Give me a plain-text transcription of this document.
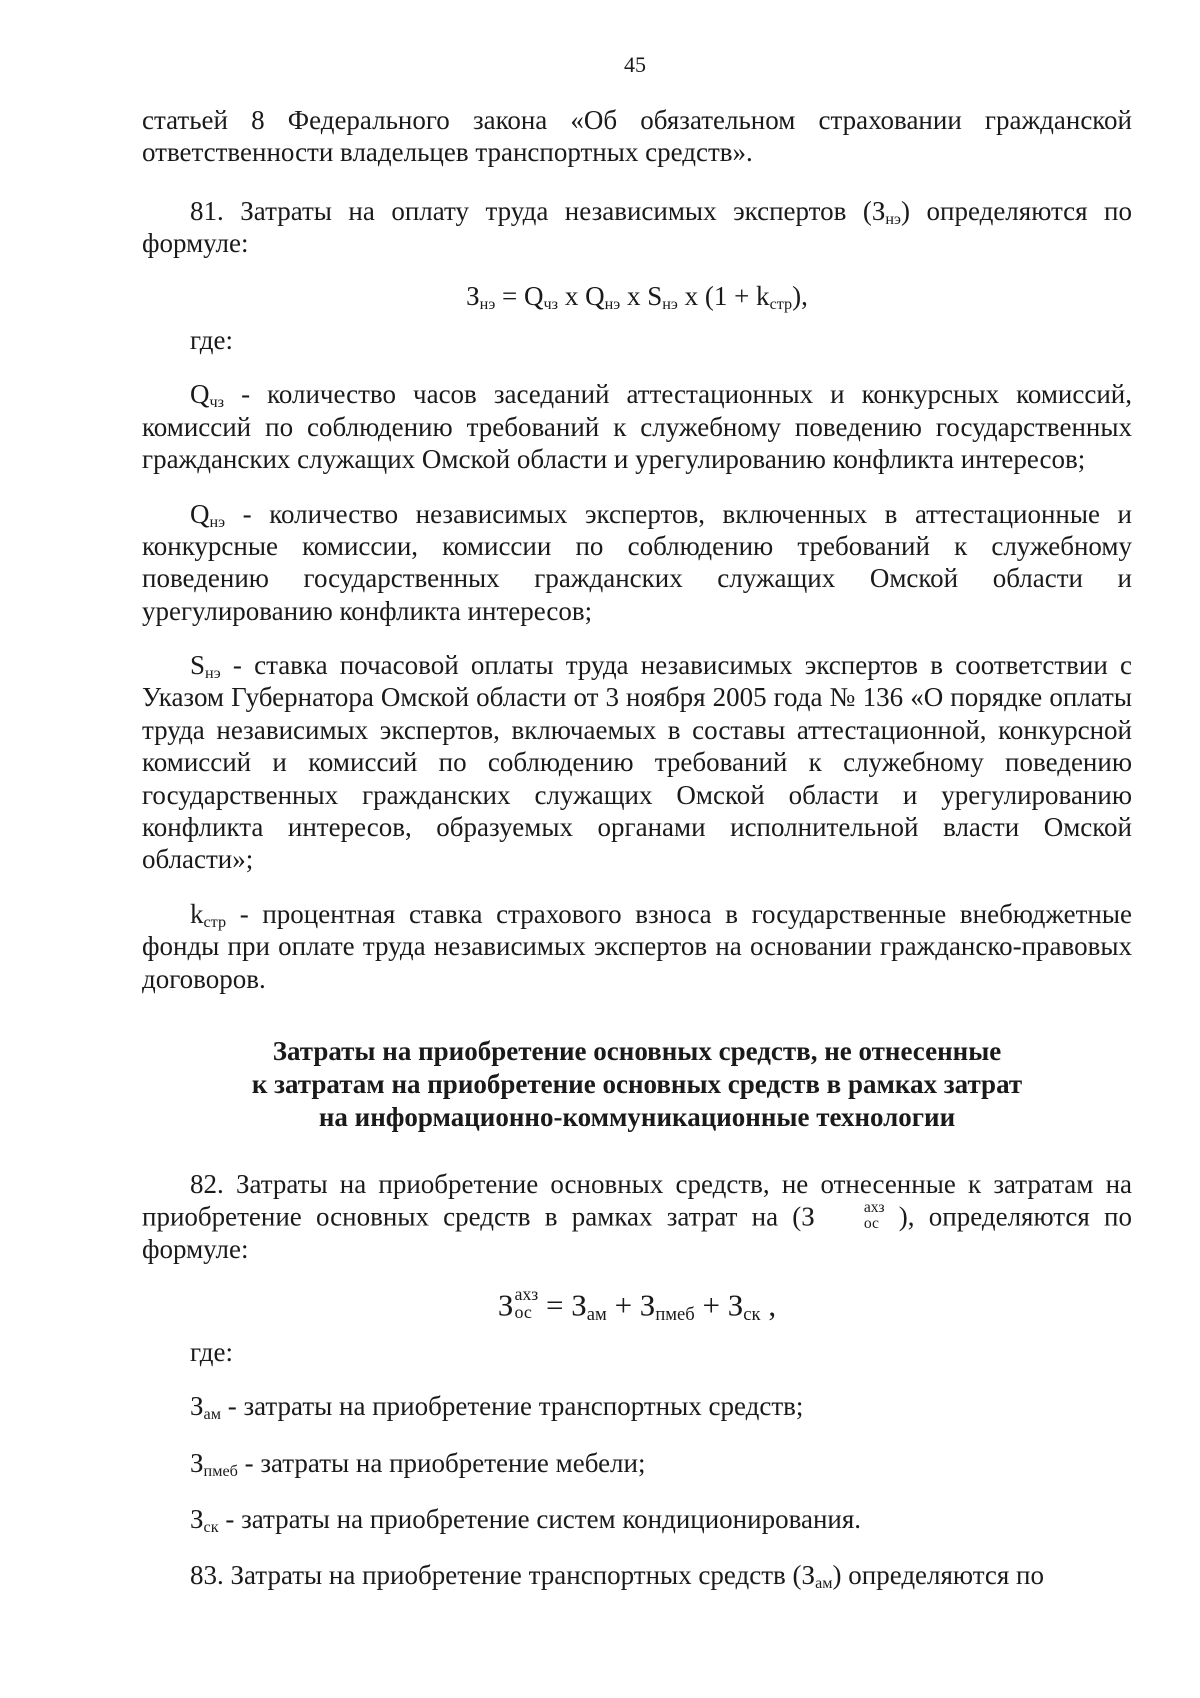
45

статьей 8 Федерального закона «Об обязательном страховании гражданской ответственности владельцев транспортных средств».

81. Затраты на оплату труда независимых экспертов $(З_{нэ})$ определяются по формуле:

$З_{нэ} = Q_{чз}$ x $Q_{нэ}$ x $S_{нэ}$ x $(1 + k_{стр})$,

где:

$Q_{чз}$ - количество часов заседаний аттестационных и конкурсных комиссий, комиссий по соблюдению требований к служебному поведению государственных гражданских служащих Омской области и урегулированию конфликта интересов;

$Q_{нэ}$ - количество независимых экспертов, включенных в аттестационные и конкурсные комиссии, комиссии по соблюдению требований к служебному поведению государственных гражданских служащих Омской области и урегулированию конфликта интересов;

$S_{нэ}$ - ставка почасовой оплаты труда независимых экспертов в соответствии с Указом Губернатора Омской области от 3 ноября 2005 года № 136 «О порядке оплаты труда независимых экспертов, включаемых в составы аттестационной, конкурсной комиссий и комиссий по соблюдению требований к служебному поведению государственных гражданских служащих Омской области и урегулированию конфликта интересов, образуемых органами исполнительной власти Омской области»;

$k_{стр}$ - процентная ставка страхового взноса в государственные внебюджетные фонды при оплате труда независимых экспертов на основании гражданско-правовых договоров.

Затраты на приобретение основных средств, не отнесенные
к затратам на приобретение основных средств в рамках затрат
на информационно-коммуникационные технологии

82. Затраты на приобретение основных средств, не отнесенные к затратам на приобретение основных средств в рамках затрат на (З	ахз
ос ), определяются по формуле:

З ахз
ос = $З_{ам} + З_{пмеб} + З_{ск}$ ,

где:

$З_{ам}$ - затраты на приобретение транспортных средств;

$З_{пмеб}$ - затраты на приобретение мебели;

$З_{ск}$ - затраты на приобретение систем кондиционирования.

83. Затраты на приобретение транспортных средств $(З_{ам})$ определяются по
